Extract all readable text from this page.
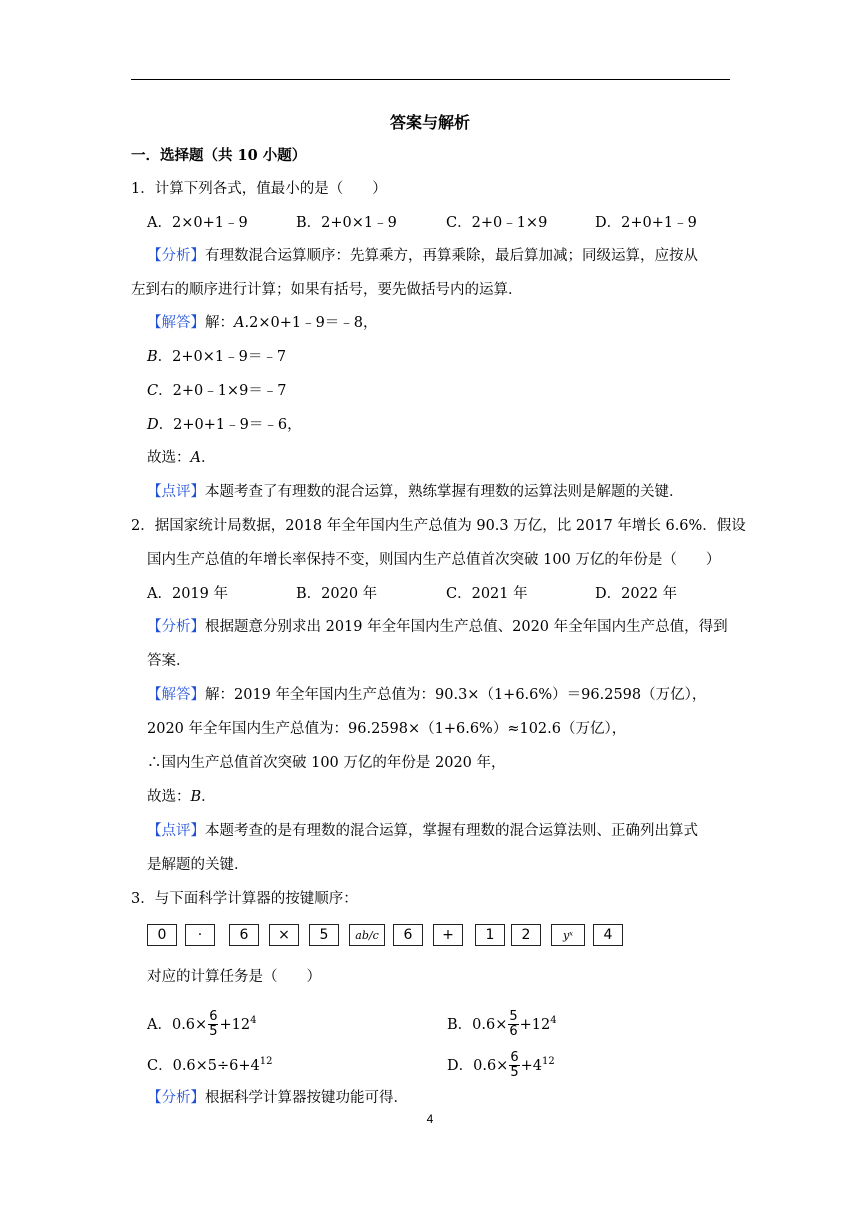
答案与解析
一．选择题（共 10 小题）
1．计算下列各式，值最小的是（　　）
A．2×0+1﹣9	B．2+0×1﹣9	C．2+0﹣1×9	D．2+0+1﹣9
【分析】有理数混合运算顺序：先算乘方，再算乘除，最后算加减；同级运算，应按从
左到右的顺序进行计算；如果有括号，要先做括号内的运算．
【解答】解：A.2×0+1﹣9＝﹣8，
B．2+0×1﹣9＝﹣7
C．2+0﹣1×9＝﹣7
D．2+0+1﹣9＝﹣6，
故选：A．
【点评】本题考查了有理数的混合运算，熟练掌握有理数的运算法则是解题的关键．
2．据国家统计局数据，2018 年全年国内生产总值为 90.3 万亿，比 2017 年增长 6.6%．假设
国内生产总值的年增长率保持不变，则国内生产总值首次突破 100 万亿的年份是（　　）
A．2019 年	B．2020 年	C．2021 年	D．2022 年
【分析】根据题意分别求出 2019 年全年国内生产总值、2020 年全年国内生产总值，得到
答案．
【解答】解：2019 年全年国内生产总值为：90.3×（1+6.6%）＝96.2598（万亿），
2020 年全年国内生产总值为：96.2598×（1+6.6%）≈102.6（万亿），
∴国内生产总值首次突破 100 万亿的年份是 2020 年，
故选：B．
【点评】本题考查的是有理数的混合运算，掌握有理数的混合运算法则、正确列出算式
是解题的关键．
3．与下面科学计算器的按键顺序：
0	·	6	×	5	ab/c	6	+	1	2	yˣ	4
对应的计算任务是（　　）
A．$0.6\times \frac{6}{5} +12^4$	B．$0.6\times \frac{5}{6} +12^4$
C．$0.6\times 5\div 6+4^{12}$	D．$0.6\times \frac{6}{5} +4^{12}$
【分析】根据科学计算器按键功能可得．
4
